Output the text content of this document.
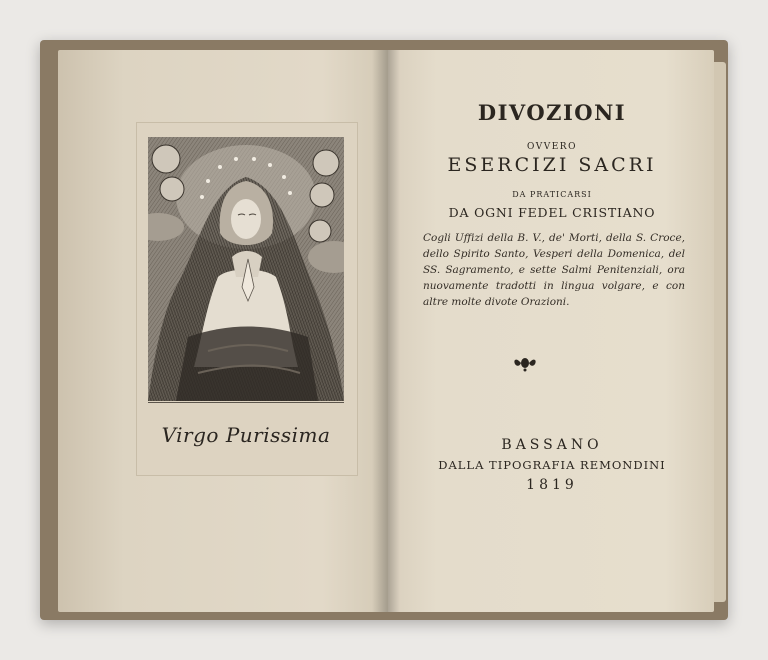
Virgo Purissima
DIVOZIONI
OVVERO
ESERCIZI SACRI
DA PRATICARSI
DA OGNI FEDEL CRISTIANO
Cogli Uffizi della B. V., de' Morti, della S. Croce, dello Spirito Santo, Vesperi della Domenica, del SS. Sagramento, e sette Salmi Penitenziali, ora nuovamente tradotti in lingua volgare, e con altre molte divote Orazioni.
BASSANO
DALLA TIPOGRAFIA REMONDINI
1819
